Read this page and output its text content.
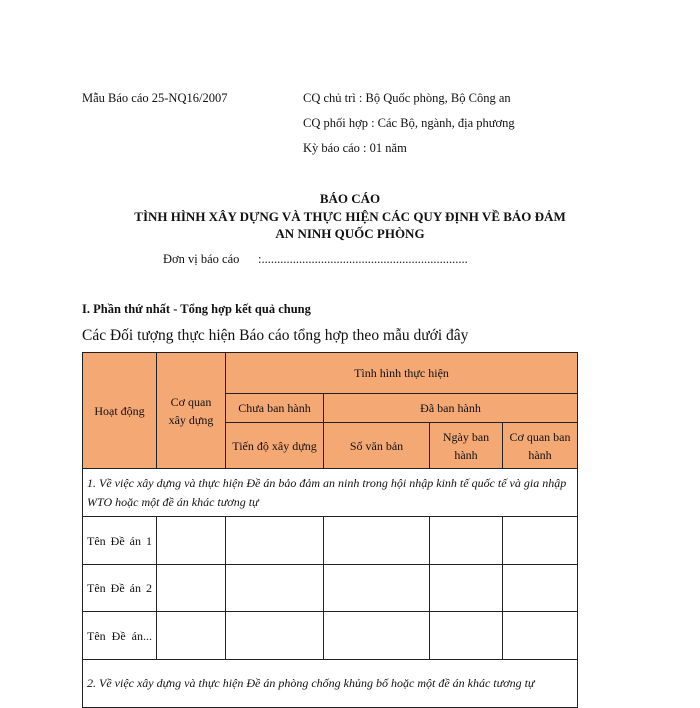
Mẫu Báo cáo 25-NQ16/2007	CQ chủ trì : Bộ Quốc phòng, Bộ Công an
CQ phối hợp : Các Bộ, ngành, địa phương
Kỳ báo cáo : 01 năm
BÁO CÁO
TÌNH HÌNH XÂY DỰNG VÀ THỰC HIỆN CÁC QUY ĐỊNH VỀ BẢO ĐẢM
AN NINH QUỐC PHÒNG
Đơn vị báo cáo :..................................................................
I. Phần thứ nhất - Tổng hợp kết quả chung
Các Đối tượng thực hiện Báo cáo tổng hợp theo mẫu dưới đây
Hoạt động	Cơ quan xây dựng	Tình hình thực hiện			
		Chưa ban hành	Đã ban hành		
		Tiến độ xây dựng	Số văn bản	Ngày ban hành	Cơ quan ban hành
1. Về việc xây dựng và thực hiện Đề án bảo đảm an ninh trong hội nhập kinh tế quốc tế và gia nhập WTO hoặc một đề án khác tương tự					
Tên Đề án 1					
Tên Đề án 2					
Tên Đề án...					
2. Về việc xây dựng và thực hiện Đề án phòng chống khủng bố hoặc một đề án khác tương tự					
